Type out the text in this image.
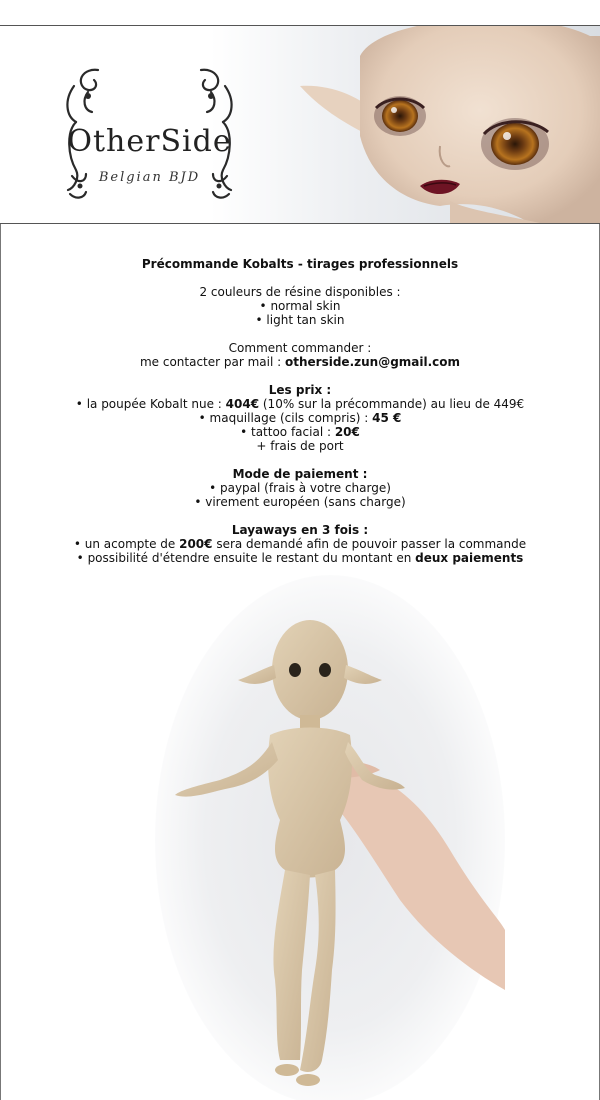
OtherSide
Belgian BJD

Précommande Kobalts - tirages professionnels

2 couleurs de résine disponibles :

• normal skin

• light tan skin

Comment commander :

me contacter par mail : otherside.zun@gmail.com

Les prix :

• la poupée Kobalt nue : 404€ (10% sur la précommande) au lieu de 449€

• maquillage (cils compris) : 45 €

• tattoo facial : 20€

+ frais de port

Mode de paiement :

• paypal (frais à votre charge)

• virement européen (sans charge)

Layaways en 3 fois :

• un acompte de 200€ sera demandé afin de pouvoir passer la commande

• possibilité d'étendre ensuite le restant du montant en deux paiements
